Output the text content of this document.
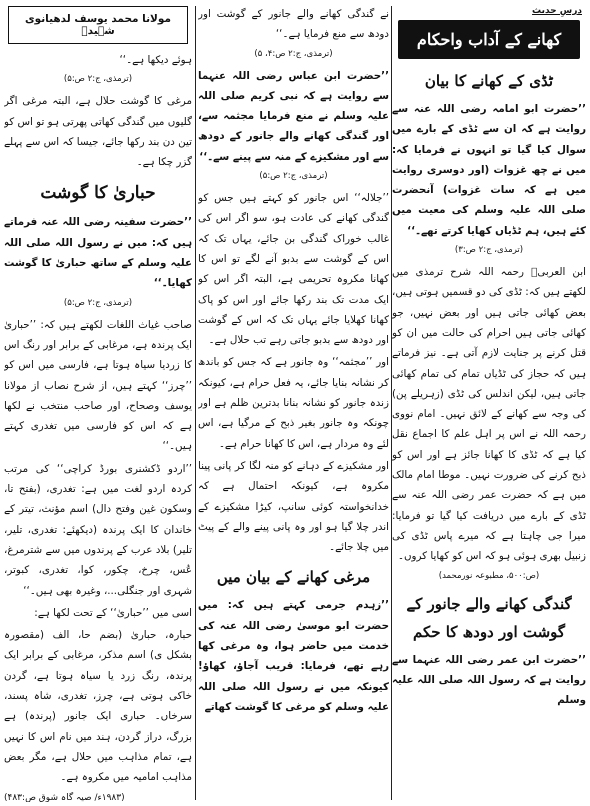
درسِ حدیث
کھانے کے آداب واحکام
ٹڈی کے کھانے کا بیان

’’حضرت ابو امامہ رضی اللہ عنہ سے روایت ہے کہ ان سے ٹڈی کے بارے میں سوال کیا گیا تو انہوں نے فرمایا کہ: میں نے چھ غزوات (اور دوسری روایت میں ہے کہ سات غزوات) آنحضرت صلی اللہ علیہ وسلم کی معیت میں کئے ہیں، ہم ٹڈیاں کھایا کرتے تھے۔‘‘

(ترمذی، ج:۲ ص:۳)

ابن العربیؒ رحمہ اللہ شرح ترمذی میں لکھتے ہیں کہ: ٹڈی کی دو قسمیں ہوتی ہیں، بعض کھائی جاتی ہیں اور بعض نہیں، جو کھائی جاتی ہیں احرام کی حالت میں ان کو قتل کرنے پر جنایت لازم آتی ہے۔ نیز فرماتے ہیں کہ حجاز کی ٹڈیاں تمام کی تمام کھائی جاتی ہیں، لیکن اندلس کی ٹڈی (زہریلے پن) کی وجہ سے کھانے کے لائق نہیں۔ امام نووی رحمہ اللہ نے اس پر اہل علم کا اجماع نقل کیا ہے کہ ٹڈی کا کھانا جائز ہے اور اس کو ذبح کرنے کی ضرورت نہیں۔ موطا امام مالک میں ہے کہ حضرت عمر رضی اللہ عنہ سے ٹڈی کے بارے میں دریافت کیا گیا تو فرمایا: میرا جی چاہتا ہے کہ میرے پاس ٹڈی کی زنبیل بھری ہوئی ہو کہ اس کو کھایا کروں۔

(ص:۵۰۰، مطبوعہ نورمحمد)
گندگی کھانے والے جانور کے گوشت اور دودھ کا حکم

’’حضرت ابن عمر رضی اللہ عنہما سے روایت ہے کہ رسول اللہ صلی اللہ علیہ وسلم

نے گندگی کھانے والے جانور کے گوشت اور دودھ سے منع فرمایا ہے۔‘‘

(ترمذی، ج:۲ ص:۴، ۵)

’’حضرت ابن عباس رضی اللہ عنہما سے روایت ہے کہ نبی کریم صلی اللہ علیہ وسلم نے منع فرمایا مجثمہ سے، اور گندگی کھانے والے جانور کے دودھ سے اور مشکیزے کے منہ سے پینے سے۔‘‘

(ترمذی، ج:۲ ص:۵)

’’جلالہ‘‘ اس جانور کو کہتے ہیں جس کو گندگی کھانے کی عادت ہو، سو اگر اس کی غالب خوراک گندگی بن جائے، یہاں تک کہ اس کے گوشت سے بدبو آنے لگے تو اس کا کھانا مکروہ تحریمی ہے، البتہ اگر اس کو ایک مدت تک بند رکھا جائے اور اس کو پاک کھانا کھلایا جائے یہاں تک کہ اس کے گوشت اور دودھ سے بدبو جاتی رہے تب حلال ہے۔

اور ’’مجثمہ‘‘ وہ جانور ہے کہ جس کو باندھ کر نشانہ بنایا جائے، یہ فعل حرام ہے، کیونکہ زندہ جانور کو نشانہ بنانا بدترین ظلم ہے اور چونکہ وہ جانور بغیر ذبح کے مرگیا ہے، اس لئے وہ مردار ہے، اس کا کھانا حرام ہے۔

اور مشکیزے کے دہانے کو منہ لگا کر پانی پینا مکروہ ہے، کیونکہ احتمال ہے کہ خدانخواستہ کوئی سانپ، کیڑا مشکیزے کے اندر چلا گیا ہو اور وہ پانی پینے والے کے پیٹ میں چلا جائے۔

مرغی کھانے کے بیان میں

’’زہدم جرمی کہتے ہیں کہ: میں حضرت ابو موسیٰ رضی اللہ عنہ کی خدمت میں حاضر ہوا، وہ مرغی کھا رہے تھے، فرمایا: قریب آجاؤ، کھاؤ! کیونکہ میں نے رسول اللہ صلی اللہ علیہ وسلم کو مرغی کا گوشت کھاتے

مولانا محمد یوسف لدھیانوی شہیدؒ

ہوئے دیکھا ہے۔‘‘

(ترمذی، ج:۲ ص:۵)

مرغی کا گوشت حلال ہے، البتہ مرغی اگر گلیوں میں گندگی کھاتی پھرتی ہو تو اس کو تین دن بند رکھا جائے، جیسا کہ اس سے پہلے گزر چکا ہے۔

حباریٰ کا گوشت

’’حضرت سفینہ رضی اللہ عنہ فرماتے ہیں کہ: میں نے رسول اللہ صلی اللہ علیہ وسلم کے ساتھ حباریٰ کا گوشت کھایا۔‘‘

(ترمذی، ج:۲ ص:۵)

صاحب غیاث اللغات لکھتے ہیں کہ: ’’حباریٰ ایک پرندہ ہے، مرغابی کے برابر اور رنگ اس کا زردیا سیاہ ہوتا ہے، فارسی میں اس کو ’’چرز‘‘ کہتے ہیں، از شرح نصاب از مولانا یوسف وصحاح، اور صاحب منتخب نے لکھا ہے کہ اس کو فارسی میں تغدری کہتے ہیں۔‘‘

’’اردو ڈکشنری بورڈ کراچی‘‘ کی مرتب کردہ اردو لغت میں ہے: تغدری، (بفتح تا، وسکون غین وفتح دال) اسم مؤنث، تیتر کے خاندان کا ایک پرندہ (دیکھئے: تغدری، تلیر، تلیر) بلاد عرب کے پرندوں میں سے شترمرغ، عُس، چرخ، چکور، کوا، تغدری، کبوتر، شہری اور جنگلی...، وغیرہ بھی ہیں۔‘‘

اسی میں ’’حباریٰ‘‘ کے تحت لکھا ہے:

حبارہ، حباریٰ (بضم حا، الف (مقصورہ بشکل ی) اسم مذکر، مرغابی کے برابر ایک پرندہ، رنگ زرد یا سیاہ ہوتا ہے، گردن خاکی ہوتی ہے، چرز، تغدری، شاہ پسند، سرخاں۔ حباری ایک جانور (پرندہ) ہے بزرگ، دراز گردن، ہند میں نام اس کا نہیں ہے، تمام مذاہب میں حلال ہے، مگر بعض مذاہب امامیہ میں مکروہ ہے۔

(۱۹۸۳ء/ صیہ گاہ شوق ص:۴۸۳)
